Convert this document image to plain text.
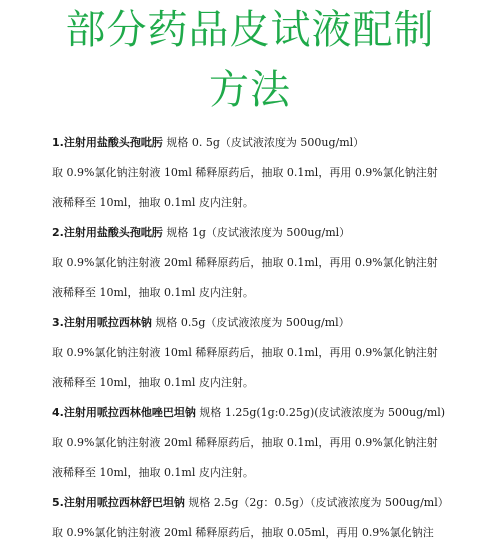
部分药品皮试液配制
方法
1.注射用盐酸头孢吡肟 规格 0. 5g（皮试液浓度为 500ug/ml）
取 0.9%氯化钠注射液 10ml 稀释原药后，抽取 0.1ml，再用 0.9%氯化钠注射
液稀释至 10ml，抽取 0.1ml 皮内注射。
2.注射用盐酸头孢吡肟 规格 1g（皮试液浓度为 500ug/ml）
取 0.9%氯化钠注射液 20ml 稀释原药后，抽取 0.1ml，再用 0.9%氯化钠注射
液稀释至 10ml，抽取 0.1ml 皮内注射。
3.注射用哌拉西林钠 规格 0.5g（皮试液浓度为 500ug/ml）
取 0.9%氯化钠注射液 10ml 稀释原药后，抽取 0.1ml，再用 0.9%氯化钠注射
液稀释至 10ml，抽取 0.1ml 皮内注射。
4.注射用哌拉西林他唑巴坦钠 规格 1.25g(1g:0.25g)(皮试液浓度为 500ug/ml)
取 0.9%氯化钠注射液 20ml 稀释原药后，抽取 0.1ml，再用 0.9%氯化钠注射
液稀释至 10ml，抽取 0.1ml 皮内注射。
5.注射用哌拉西林舒巴坦钠 规格 2.5g（2g：0.5g）（皮试液浓度为 500ug/ml）
取 0.9%氯化钠注射液 20ml 稀释原药后，抽取 0.05ml，再用 0.9%氯化钠注
